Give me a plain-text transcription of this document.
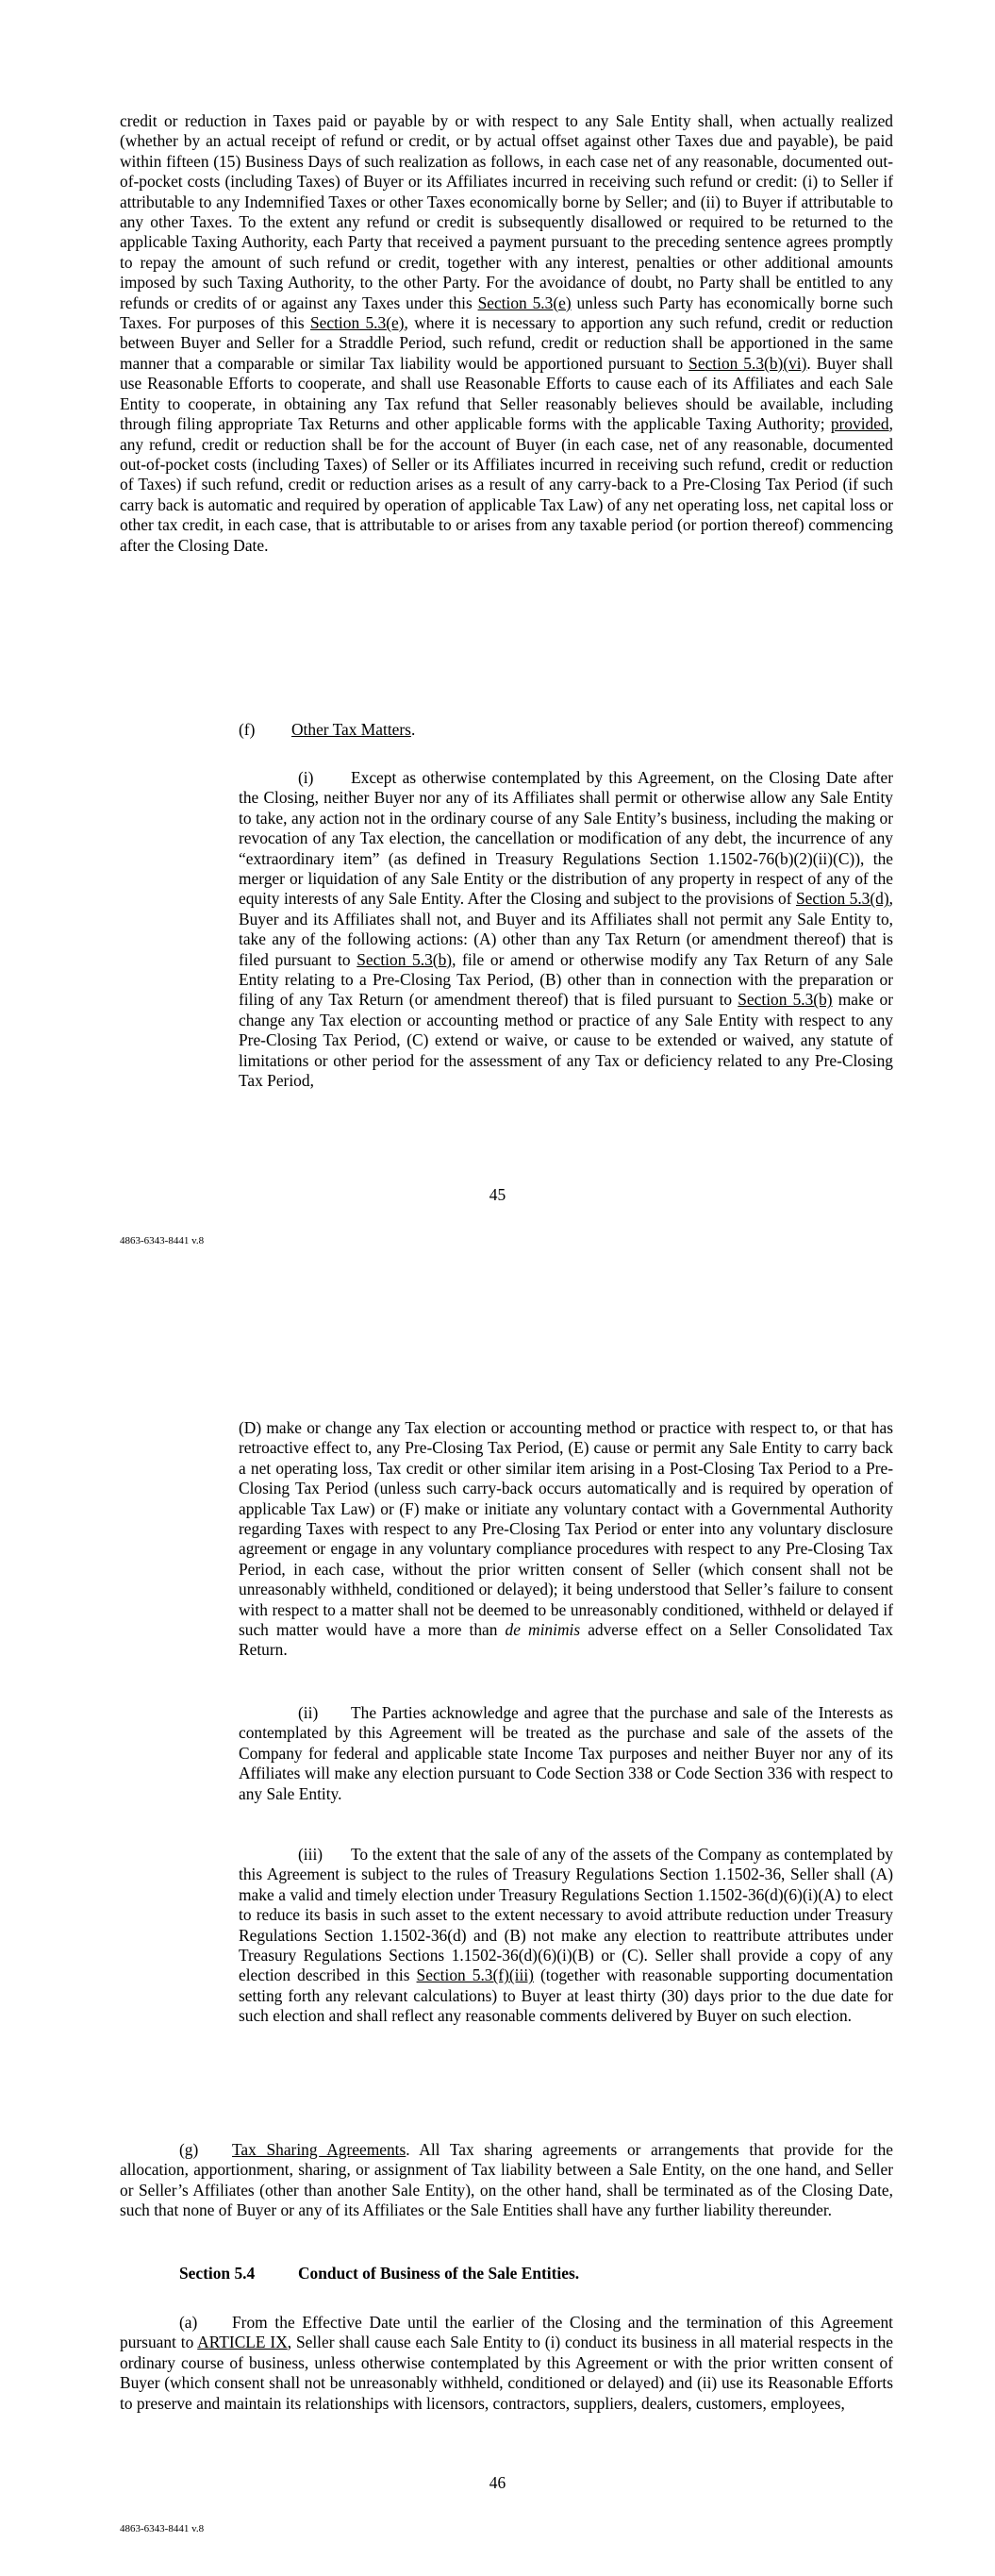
credit or reduction in Taxes paid or payable by or with respect to any Sale Entity shall, when actually realized (whether by an actual receipt of refund or credit, or by actual offset against other Taxes due and payable), be paid within fifteen (15) Business Days of such realization as follows, in each case net of any reasonable, documented out-of-pocket costs (including Taxes) of Buyer or its Affiliates incurred in receiving such refund or credit: (i) to Seller if attributable to any Indemnified Taxes or other Taxes economically borne by Seller; and (ii) to Buyer if attributable to any other Taxes. To the extent any refund or credit is subsequently disallowed or required to be returned to the applicable Taxing Authority, each Party that received a payment pursuant to the preceding sentence agrees promptly to repay the amount of such refund or credit, together with any interest, penalties or other additional amounts imposed by such Taxing Authority, to the other Party. For the avoidance of doubt, no Party shall be entitled to any refunds or credits of or against any Taxes under this Section 5.3(e) unless such Party has economically borne such Taxes. For purposes of this Section 5.3(e), where it is necessary to apportion any such refund, credit or reduction between Buyer and Seller for a Straddle Period, such refund, credit or reduction shall be apportioned in the same manner that a comparable or similar Tax liability would be apportioned pursuant to Section 5.3(b)(vi). Buyer shall use Reasonable Efforts to cooperate, and shall use Reasonable Efforts to cause each of its Affiliates and each Sale Entity to cooperate, in obtaining any Tax refund that Seller reasonably believes should be available, including through filing appropriate Tax Returns and other applicable forms with the applicable Taxing Authority; provided, any refund, credit or reduction shall be for the account of Buyer (in each case, net of any reasonable, documented out-of-pocket costs (including Taxes) of Seller or its Affiliates incurred in receiving such refund, credit or reduction of Taxes) if such refund, credit or reduction arises as a result of any carry-back to a Pre-Closing Tax Period (if such carry back is automatic and required by operation of applicable Tax Law) of any net operating loss, net capital loss or other tax credit, in each case, that is attributable to or arises from any taxable period (or portion thereof) commencing after the Closing Date.

(f) Other Tax Matters.

(i) Except as otherwise contemplated by this Agreement, on the Closing Date after the Closing, neither Buyer nor any of its Affiliates shall permit or otherwise allow any Sale Entity to take, any action not in the ordinary course of any Sale Entity’s business, including the making or revocation of any Tax election, the cancellation or modification of any debt, the incurrence of any “extraordinary item” (as defined in Treasury Regulations Section 1.1502-76(b)(2)(ii)(C)), the merger or liquidation of any Sale Entity or the distribution of any property in respect of any of the equity interests of any Sale Entity. After the Closing and subject to the provisions of Section 5.3(d), Buyer and its Affiliates shall not, and Buyer and its Affiliates shall not permit any Sale Entity to, take any of the following actions: (A) other than any Tax Return (or amendment thereof) that is filed pursuant to Section 5.3(b), file or amend or otherwise modify any Tax Return of any Sale Entity relating to a Pre-Closing Tax Period, (B) other than in connection with the preparation or filing of any Tax Return (or amendment thereof) that is filed pursuant to Section 5.3(b) make or change any Tax election or accounting method or practice of any Sale Entity with respect to any Pre-Closing Tax Period, (C) extend or waive, or cause to be extended or waived, any statute of limitations or other period for the assessment of any Tax or deficiency related to any Pre-Closing Tax Period,

45
4863-6343-8441 v.8

(D) make or change any Tax election or accounting method or practice with respect to, or that has retroactive effect to, any Pre-Closing Tax Period, (E) cause or permit any Sale Entity to carry back a net operating loss, Tax credit or other similar item arising in a Post-Closing Tax Period to a Pre-Closing Tax Period (unless such carry-back occurs automatically and is required by operation of applicable Tax Law) or (F) make or initiate any voluntary contact with a Governmental Authority regarding Taxes with respect to any Pre-Closing Tax Period or enter into any voluntary disclosure agreement or engage in any voluntary compliance procedures with respect to any Pre-Closing Tax Period, in each case, without the prior written consent of Seller (which consent shall not be unreasonably withheld, conditioned or delayed); it being understood that Seller’s failure to consent with respect to a matter shall not be deemed to be unreasonably conditioned, withheld or delayed if such matter would have a more than de minimis adverse effect on a Seller Consolidated Tax Return.

(ii) The Parties acknowledge and agree that the purchase and sale of the Interests as contemplated by this Agreement will be treated as the purchase and sale of the assets of the Company for federal and applicable state Income Tax purposes and neither Buyer nor any of its Affiliates will make any election pursuant to Code Section 338 or Code Section 336 with respect to any Sale Entity.

(iii) To the extent that the sale of any of the assets of the Company as contemplated by this Agreement is subject to the rules of Treasury Regulations Section 1.1502-36, Seller shall (A) make a valid and timely election under Treasury Regulations Section 1.1502-36(d)(6)(i)(A) to elect to reduce its basis in such asset to the extent necessary to avoid attribute reduction under Treasury Regulations Section 1.1502-36(d) and (B) not make any election to reattribute attributes under Treasury Regulations Sections 1.1502-36(d)(6)(i)(B) or (C). Seller shall provide a copy of any election described in this Section 5.3(f)(iii) (together with reasonable supporting documentation setting forth any relevant calculations) to Buyer at least thirty (30) days prior to the due date for such election and shall reflect any reasonable comments delivered by Buyer on such election.

(g) Tax Sharing Agreements. All Tax sharing agreements or arrangements that provide for the allocation, apportionment, sharing, or assignment of Tax liability between a Sale Entity, on the one hand, and Seller or Seller’s Affiliates (other than another Sale Entity), on the other hand, shall be terminated as of the Closing Date, such that none of Buyer or any of its Affiliates or the Sale Entities shall have any further liability thereunder.

Section 5.4	Conduct of Business of the Sale Entities.

(a) From the Effective Date until the earlier of the Closing and the termination of this Agreement pursuant to ARTICLE IX, Seller shall cause each Sale Entity to (i) conduct its business in all material respects in the ordinary course of business, unless otherwise contemplated by this Agreement or with the prior written consent of Buyer (which consent shall not be unreasonably withheld, conditioned or delayed) and (ii) use its Reasonable Efforts to preserve and maintain its relationships with licensors, contractors, suppliers, dealers, customers, employees,

46
4863-6343-8441 v.8
